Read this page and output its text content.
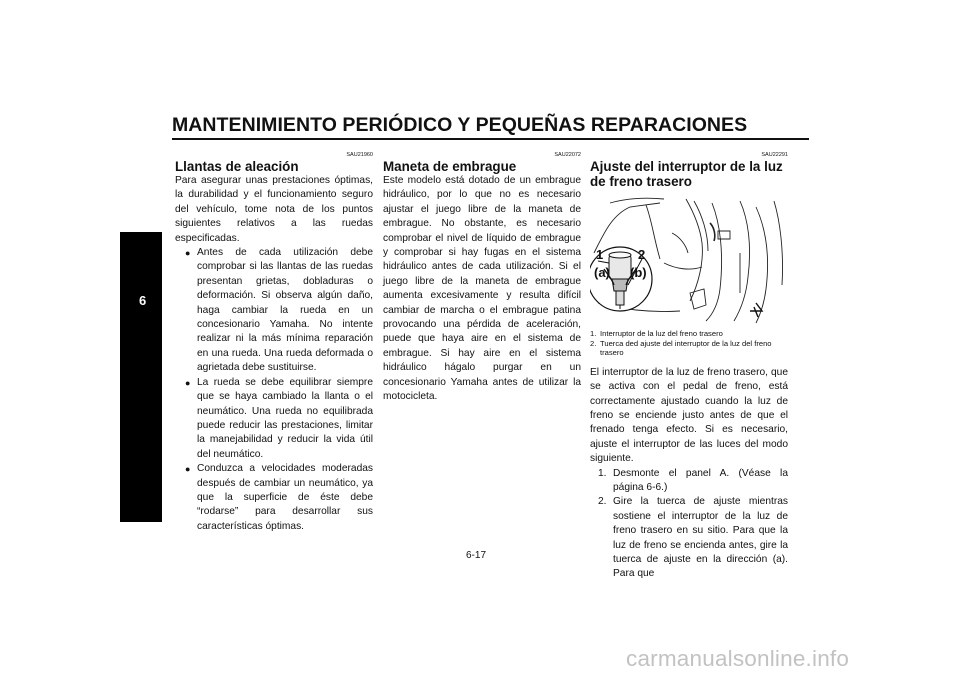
MANTENIMIENTO PERIÓDICO Y PEQUEÑAS REPARACIONES
6
SAU21960
Llantas de aleación

Para asegurar unas prestaciones óptimas, la durabilidad y el funcionamiento seguro del vehículo, tome nota de los puntos siguientes relativos a las ruedas especificadas.

● Antes de cada utilización debe comprobar si las llantas de las ruedas presentan grietas, dobladuras o deformación. Si observa algún daño, haga cambiar la rueda en un concesionario Yamaha. No intente realizar ni la más mínima reparación en una rueda. Una rueda deformada o agrietada debe sustituirse.
● La rueda se debe equilibrar siempre que se haya cambiado la llanta o el neumático. Una rueda no equilibrada puede reducir las prestaciones, limitar la manejabilidad y reducir la vida útil del neumático.
● Conduzca a velocidades moderadas después de cambiar un neumático, ya que la superficie de éste debe “rodarse” para desarrollar sus características óptimas.
SAU22072
Maneta de embrague

Este modelo está dotado de un embrague hidráulico, por lo que no es necesario ajustar el juego libre de la maneta de embrague. No obstante, es necesario comprobar el nivel de líquido de embrague y comprobar si hay fugas en el sistema hidráulico antes de cada utilización. Si el juego libre de la maneta de embrague aumenta excesivamente y resulta difícil cambiar de marcha o el embrague patina provocando una pérdida de aceleración, puede que haya aire en el sistema de embrague. Si hay aire en el sistema hidráulico hágalo purgar en un concesionario Yamaha antes de utilizar la motocicleta.

SAU22291
Ajuste del interruptor de la luz de freno trasero
1	2
(a) (b)
1. Interruptor de la luz del freno trasero
2. Tuerca ded ajuste del interruptor de la luz del freno trasero

El interruptor de la luz de freno trasero, que se activa con el pedal de freno, está correctamente ajustado cuando la luz de freno se enciende justo antes de que el frenado tenga efecto. Si es necesario, ajuste el interruptor de las luces del modo siguiente.

1. Desmonte el panel A. (Véase la página 6-6.)
2. Gire la tuerca de ajuste mientras sostiene el interruptor de la luz de freno trasero en su sitio. Para que la luz de freno se encienda antes, gire la tuerca de ajuste en la dirección (a). Para que
6-17
carmanualsonline.info
